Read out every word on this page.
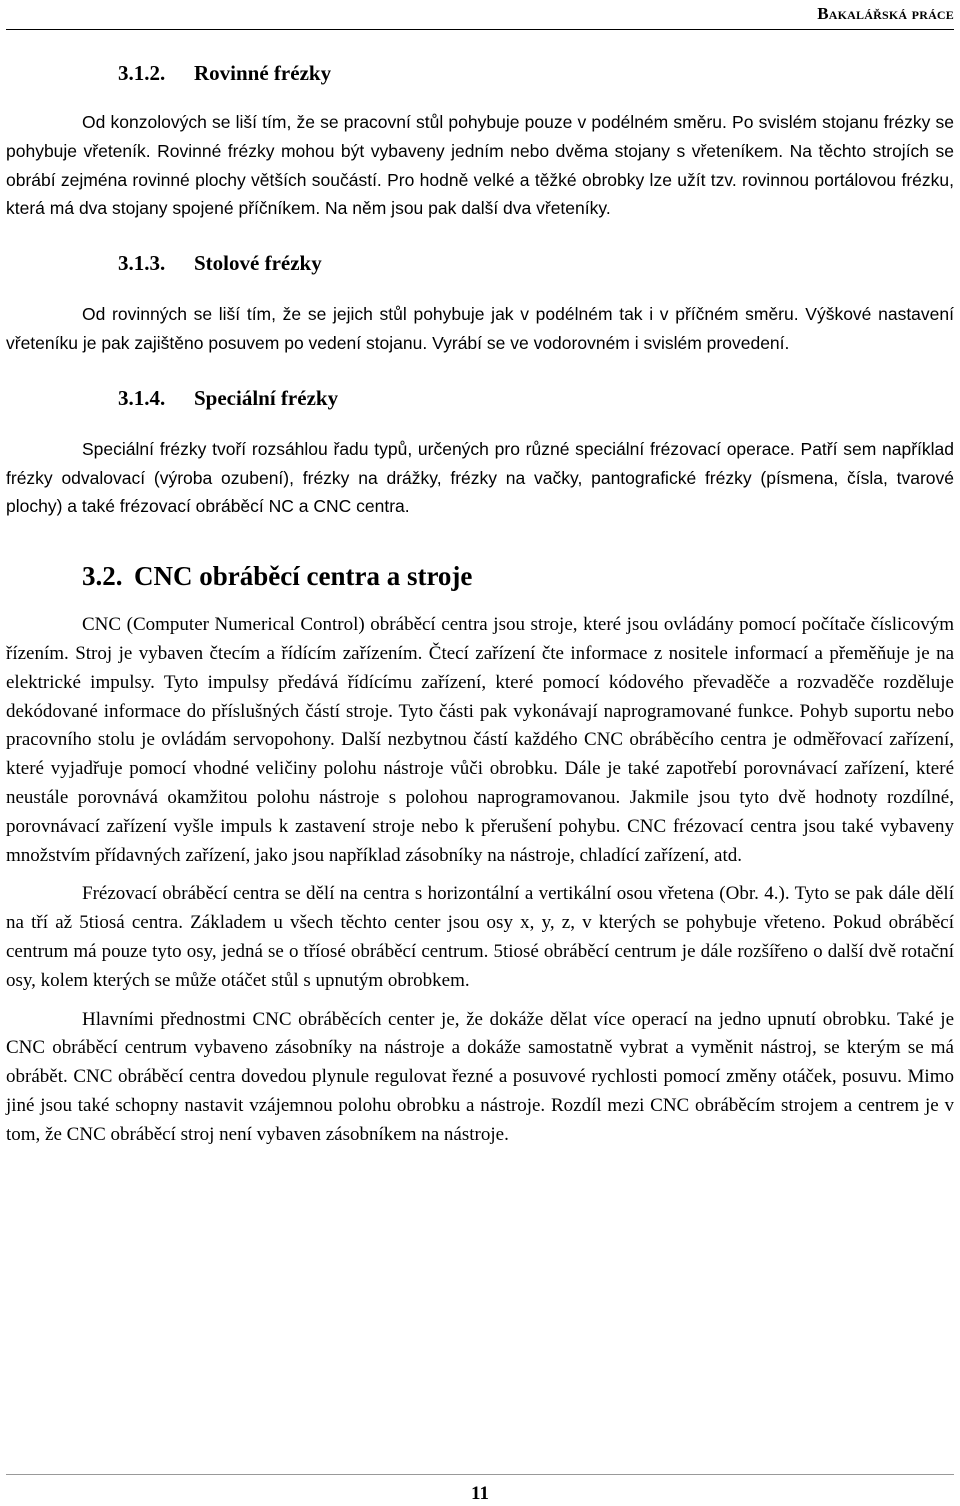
Bakalářská práce
3.1.2. Rovinné frézky

Od konzolových se liší tím, že se pracovní stůl pohybuje pouze v podélném směru. Po svislém stojanu frézky se pohybuje vřeteník. Rovinné frézky mohou být vybaveny jedním nebo dvěma stojany s vřeteníkem. Na těchto strojích se obrábí zejména rovinné plochy větších součástí. Pro hodně velké a těžké obrobky lze užít tzv. rovinnou portálovou frézku, která má dva stojany spojené příčníkem. Na něm jsou pak další dva vřeteníky.

3.1.3. Stolové frézky

Od rovinných se liší tím, že se jejich stůl pohybuje jak v podélném tak i v příčném směru. Výškové nastavení vřeteníku je pak zajištěno posuvem po vedení stojanu. Vyrábí se ve vodorovném i svislém provedení.

3.1.4. Speciální frézky

Speciální frézky tvoří rozsáhlou řadu typů, určených pro různé speciální frézovací operace. Patří sem například frézky odvalovací (výroba ozubení), frézky na drážky, frézky na vačky, pantografické frézky (písmena, čísla, tvarové plochy) a také frézovací obráběcí NC a CNC centra.

3.2. CNC obráběcí centra a stroje

CNC (Computer Numerical Control) obráběcí centra jsou stroje, které jsou ovládány pomocí počítače číslicovým řízením. Stroj je vybaven čtecím a řídícím zařízením. Čtecí zařízení čte informace z nositele informací a přeměňuje je na elektrické impulsy. Tyto impulsy předává řídícímu zařízení, které pomocí kódového převaděče a rozvaděče rozděluje dekódované informace do příslušných částí stroje. Tyto části pak vykonávají naprogramované funkce. Pohyb suportu nebo pracovního stolu je ovládám servopohony. Další nezbytnou částí každého CNC obráběcího centra je odměřovací zařízení, které vyjadřuje pomocí vhodné veličiny polohu nástroje vůči obrobku. Dále je také zapotřebí porovnávací zařízení, které neustále porovnává okamžitou polohu nástroje s polohou naprogramovanou. Jakmile jsou tyto dvě hodnoty rozdílné, porovnávací zařízení vyšle impuls k zastavení stroje nebo k přerušení pohybu. CNC frézovací centra jsou také vybaveny množstvím přídavných zařízení, jako jsou například zásobníky na nástroje, chladící zařízení, atd.

Frézovací obráběcí centra se dělí na centra s horizontální a vertikální osou vřetena (Obr. 4.). Tyto se pak dále dělí na tří až 5tiosá centra. Základem u všech těchto center jsou osy x, y, z, v kterých se pohybuje vřeteno. Pokud obráběcí centrum má pouze tyto osy, jedná se o tříosé obráběcí centrum. 5tiosé obráběcí centrum je dále rozšířeno o další dvě rotační osy, kolem kterých se může otáčet stůl s upnutým obrobkem.

Hlavními přednostmi CNC obráběcích center je, že dokáže dělat více operací na jedno upnutí obrobku. Také je CNC obráběcí centrum vybaveno zásobníky na nástroje a dokáže samostatně vybrat a vyměnit nástroj, se kterým se má obrábět. CNC obráběcí centra dovedou plynule regulovat řezné a posuvové rychlosti pomocí změny otáček, posuvu. Mimo jiné jsou také schopny nastavit vzájemnou polohu obrobku a nástroje. Rozdíl mezi CNC obráběcím strojem a centrem je v tom, že CNC obráběcí stroj není vybaven zásobníkem na nástroje.

11
